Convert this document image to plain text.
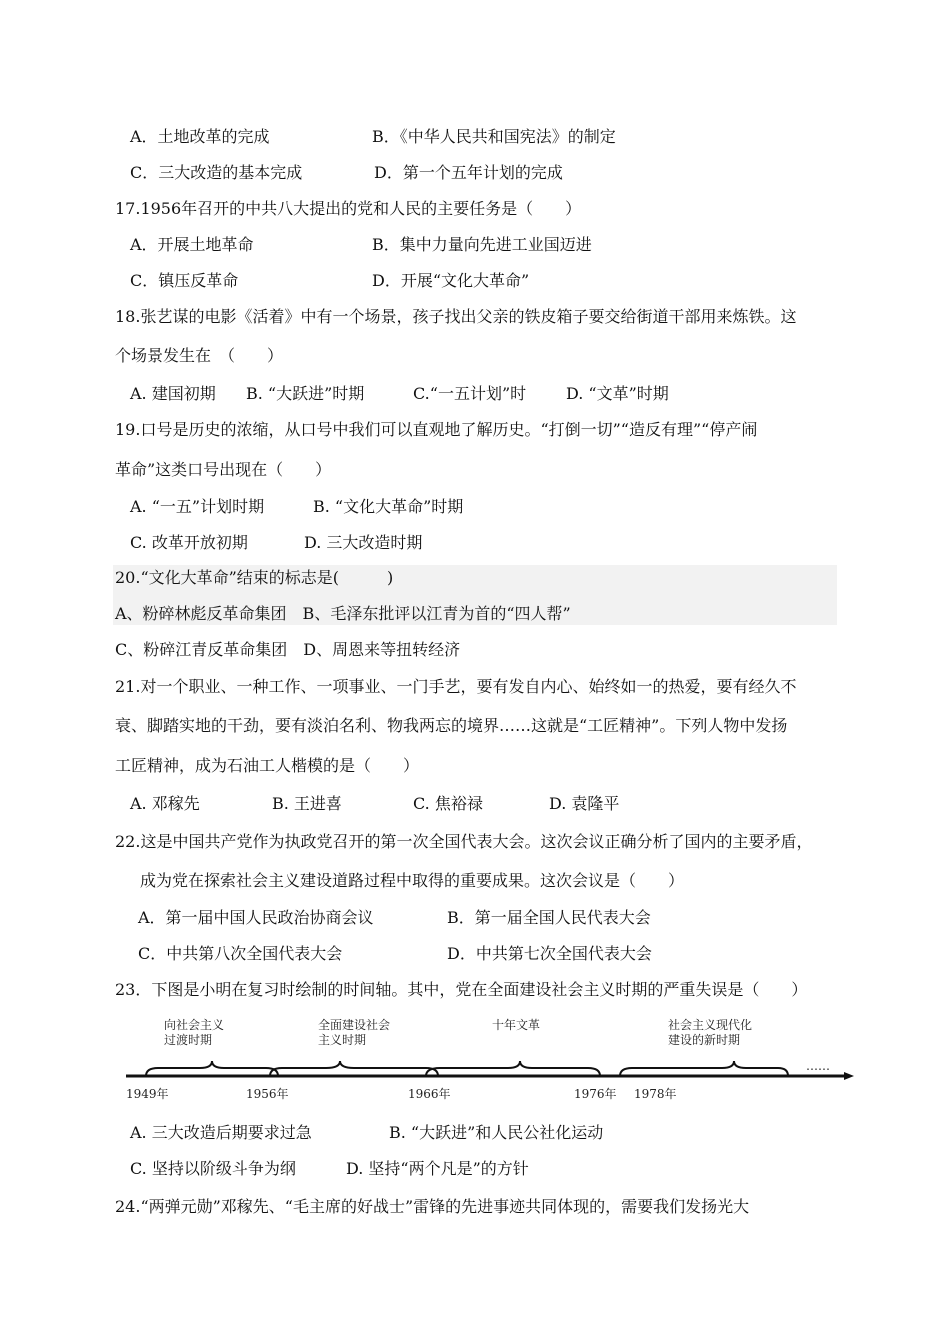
A．土地改革的完成	B．《中华人民共和国宪法》的制定
C．三大改造的基本完成	D．第一个五年计划的完成
17.1956年召开的中共八大提出的党和人民的主要任务是（　　）
A．开展土地革命	B．集中力量向先进工业国迈进
C．镇压反革命	D．开展“文化大革命”
18.张艺谋的电影《活着》中有一个场景，孩子找出父亲的铁皮箱子要交给街道干部用来炼铁。这
个场景发生在　（　　）
A. 建国初期 B. “大跃进”时期	C.“一五计划”时 D. “文革”时期
19.口号是历史的浓缩，从口号中我们可以直观地了解历史。“打倒一切”“造反有理”“停产闹
革命”这类口号出现在（　　）
A. “一五”计划时期	B. “文化大革命”时期
C. 改革开放初期	D. 三大改造时期
20.“文化大革命”结束的标志是(　　　)
A、粉碎林彪反革命集团　B、毛泽东批评以江青为首的“四人帮”
C、粉碎江青反革命集团　D、周恩来等扭转经济
21.对一个职业、一种工作、一项事业、一门手艺，要有发自内心、始终如一的热爱，要有经久不
衰、脚踏实地的干劲，要有淡泊名利、物我两忘的境界……这就是“工匠精神”。下列人物中发扬
工匠精神，成为石油工人楷模的是（　　）
A. 邓稼先	B. 王进喜	C. 焦裕禄	D. 袁隆平
22.这是中国共产党作为执政党召开的第一次全国代表大会。这次会议正确分析了国内的主要矛盾，
成为党在探索社会主义建设道路过程中取得的重要成果。这次会议是（　　）
A．第一届中国人民政治协商会议	B．第一届全国人民代表大会
C．中共第八次全国代表大会	D．中共第七次全国代表大会
23．下图是小明在复习时绘制的时间轴。其中，党在全面建设社会主义时期的严重失误是（　　）
……
向社会主义
过渡时期
全面建设社会
主义时期
十年文革	社会主义现代化
建设的新时期
1949年	1956年	1966年	1976年 1978年
A. 三大改造后期要求过急	B. “大跃进”和人民公社化运动
C. 坚持以阶级斗争为纲	D. 坚持“两个凡是”的方针
24.“两弹元勋”邓稼先、“毛主席的好战士”雷锋的先进事迹共同体现的，需要我们发扬光大
